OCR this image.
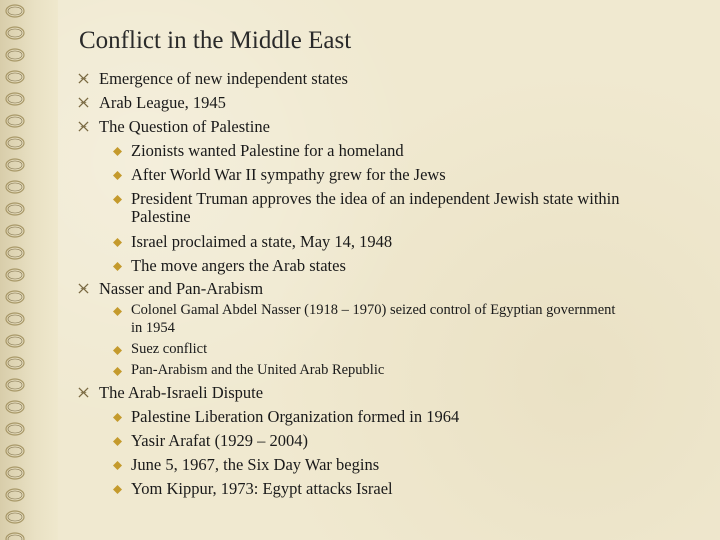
Conflict in the Middle East
Emergence of new independent states
Arab League, 1945
The Question of Palestine
Zionists wanted Palestine for a homeland
After World War II sympathy grew for the Jews
President Truman approves the idea of an independent Jewish state within
Palestine
Israel proclaimed a state, May 14, 1948
The move angers the Arab states
Nasser and Pan-Arabism
Colonel Gamal Abdel Nasser (1918 – 1970) seized control of Egyptian government
in 1954
Suez conflict
Pan-Arabism and the United Arab Republic
The Arab-Israeli Dispute
Palestine Liberation Organization formed in 1964
Yasir Arafat (1929 – 2004)
June 5, 1967, the Six Day War begins
Yom Kippur, 1973: Egypt attacks Israel
